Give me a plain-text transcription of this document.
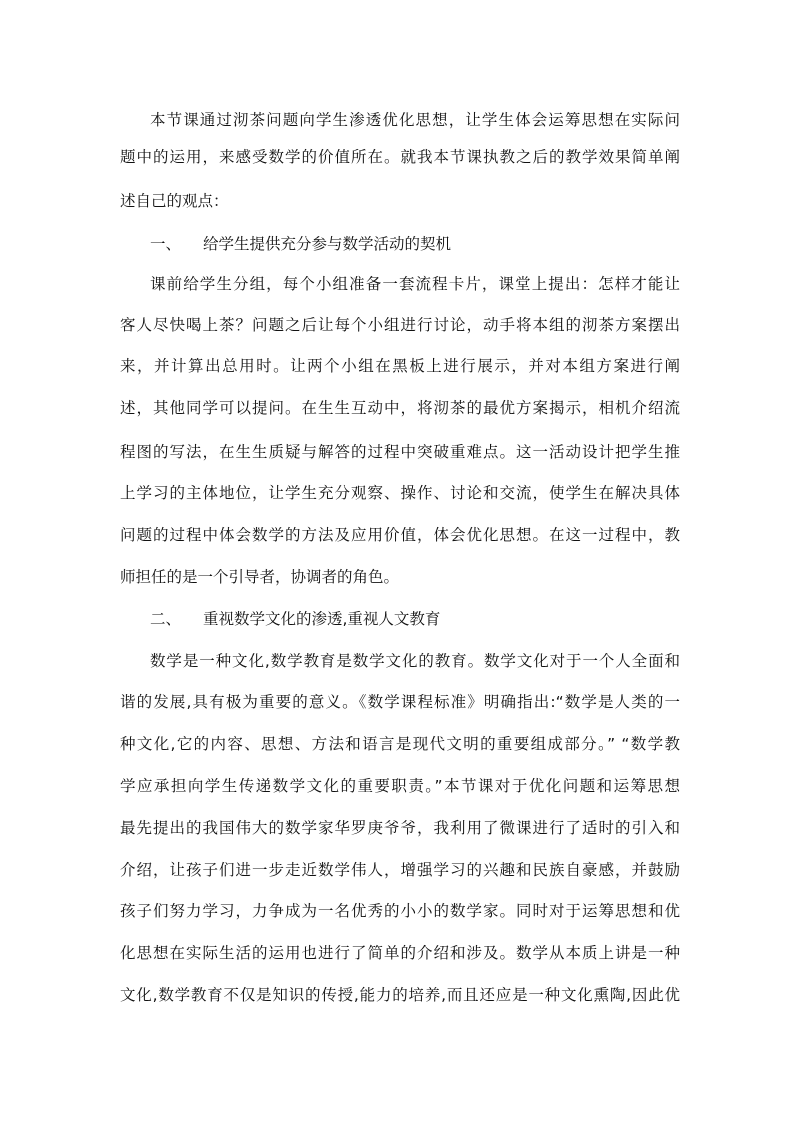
本节课通过沏茶问题向学生渗透优化思想，让学生体会运筹思想在实际问
题中的运用，来感受数学的价值所在。就我本节课执教之后的教学效果简单阐
述自己的观点：
一、	给学生提供充分参与数学活动的契机
课前给学生分组，每个小组准备一套流程卡片，课堂上提出：怎样才能让
客人尽快喝上茶？问题之后让每个小组进行讨论，动手将本组的沏茶方案摆出
来，并计算出总用时。让两个小组在黑板上进行展示，并对本组方案进行阐
述，其他同学可以提问。在生生互动中，将沏茶的最优方案揭示，相机介绍流
程图的写法，在生生质疑与解答的过程中突破重难点。这一活动设计把学生推
上学习的主体地位，让学生充分观察、操作、讨论和交流，使学生在解决具体
问题的过程中体会数学的方法及应用价值，体会优化思想。在这一过程中，教
师担任的是一个引导者，协调者的角色。
二、	重视数学文化的渗透,重视人文教育
数学是一种文化,数学教育是数学文化的教育。数学文化对于一个人全面和
谐的发展,具有极为重要的意义。《数学课程标准》明确指出:“数学是人类的一
种文化,它的内容、思想、方法和语言是现代文明的重要组成部分。” “数学教
学应承担向学生传递数学文化的重要职责。”本节课对于优化问题和运筹思想
最先提出的我国伟大的数学家华罗庚爷爷，我利用了微课进行了适时的引入和
介绍，让孩子们进一步走近数学伟人，增强学习的兴趣和民族自豪感，并鼓励
孩子们努力学习，力争成为一名优秀的小小的数学家。同时对于运筹思想和优
化思想在实际生活的运用也进行了简单的介绍和涉及。数学从本质上讲是一种
文化,数学教育不仅是知识的传授,能力的培养,而且还应是一种文化熏陶,因此优
